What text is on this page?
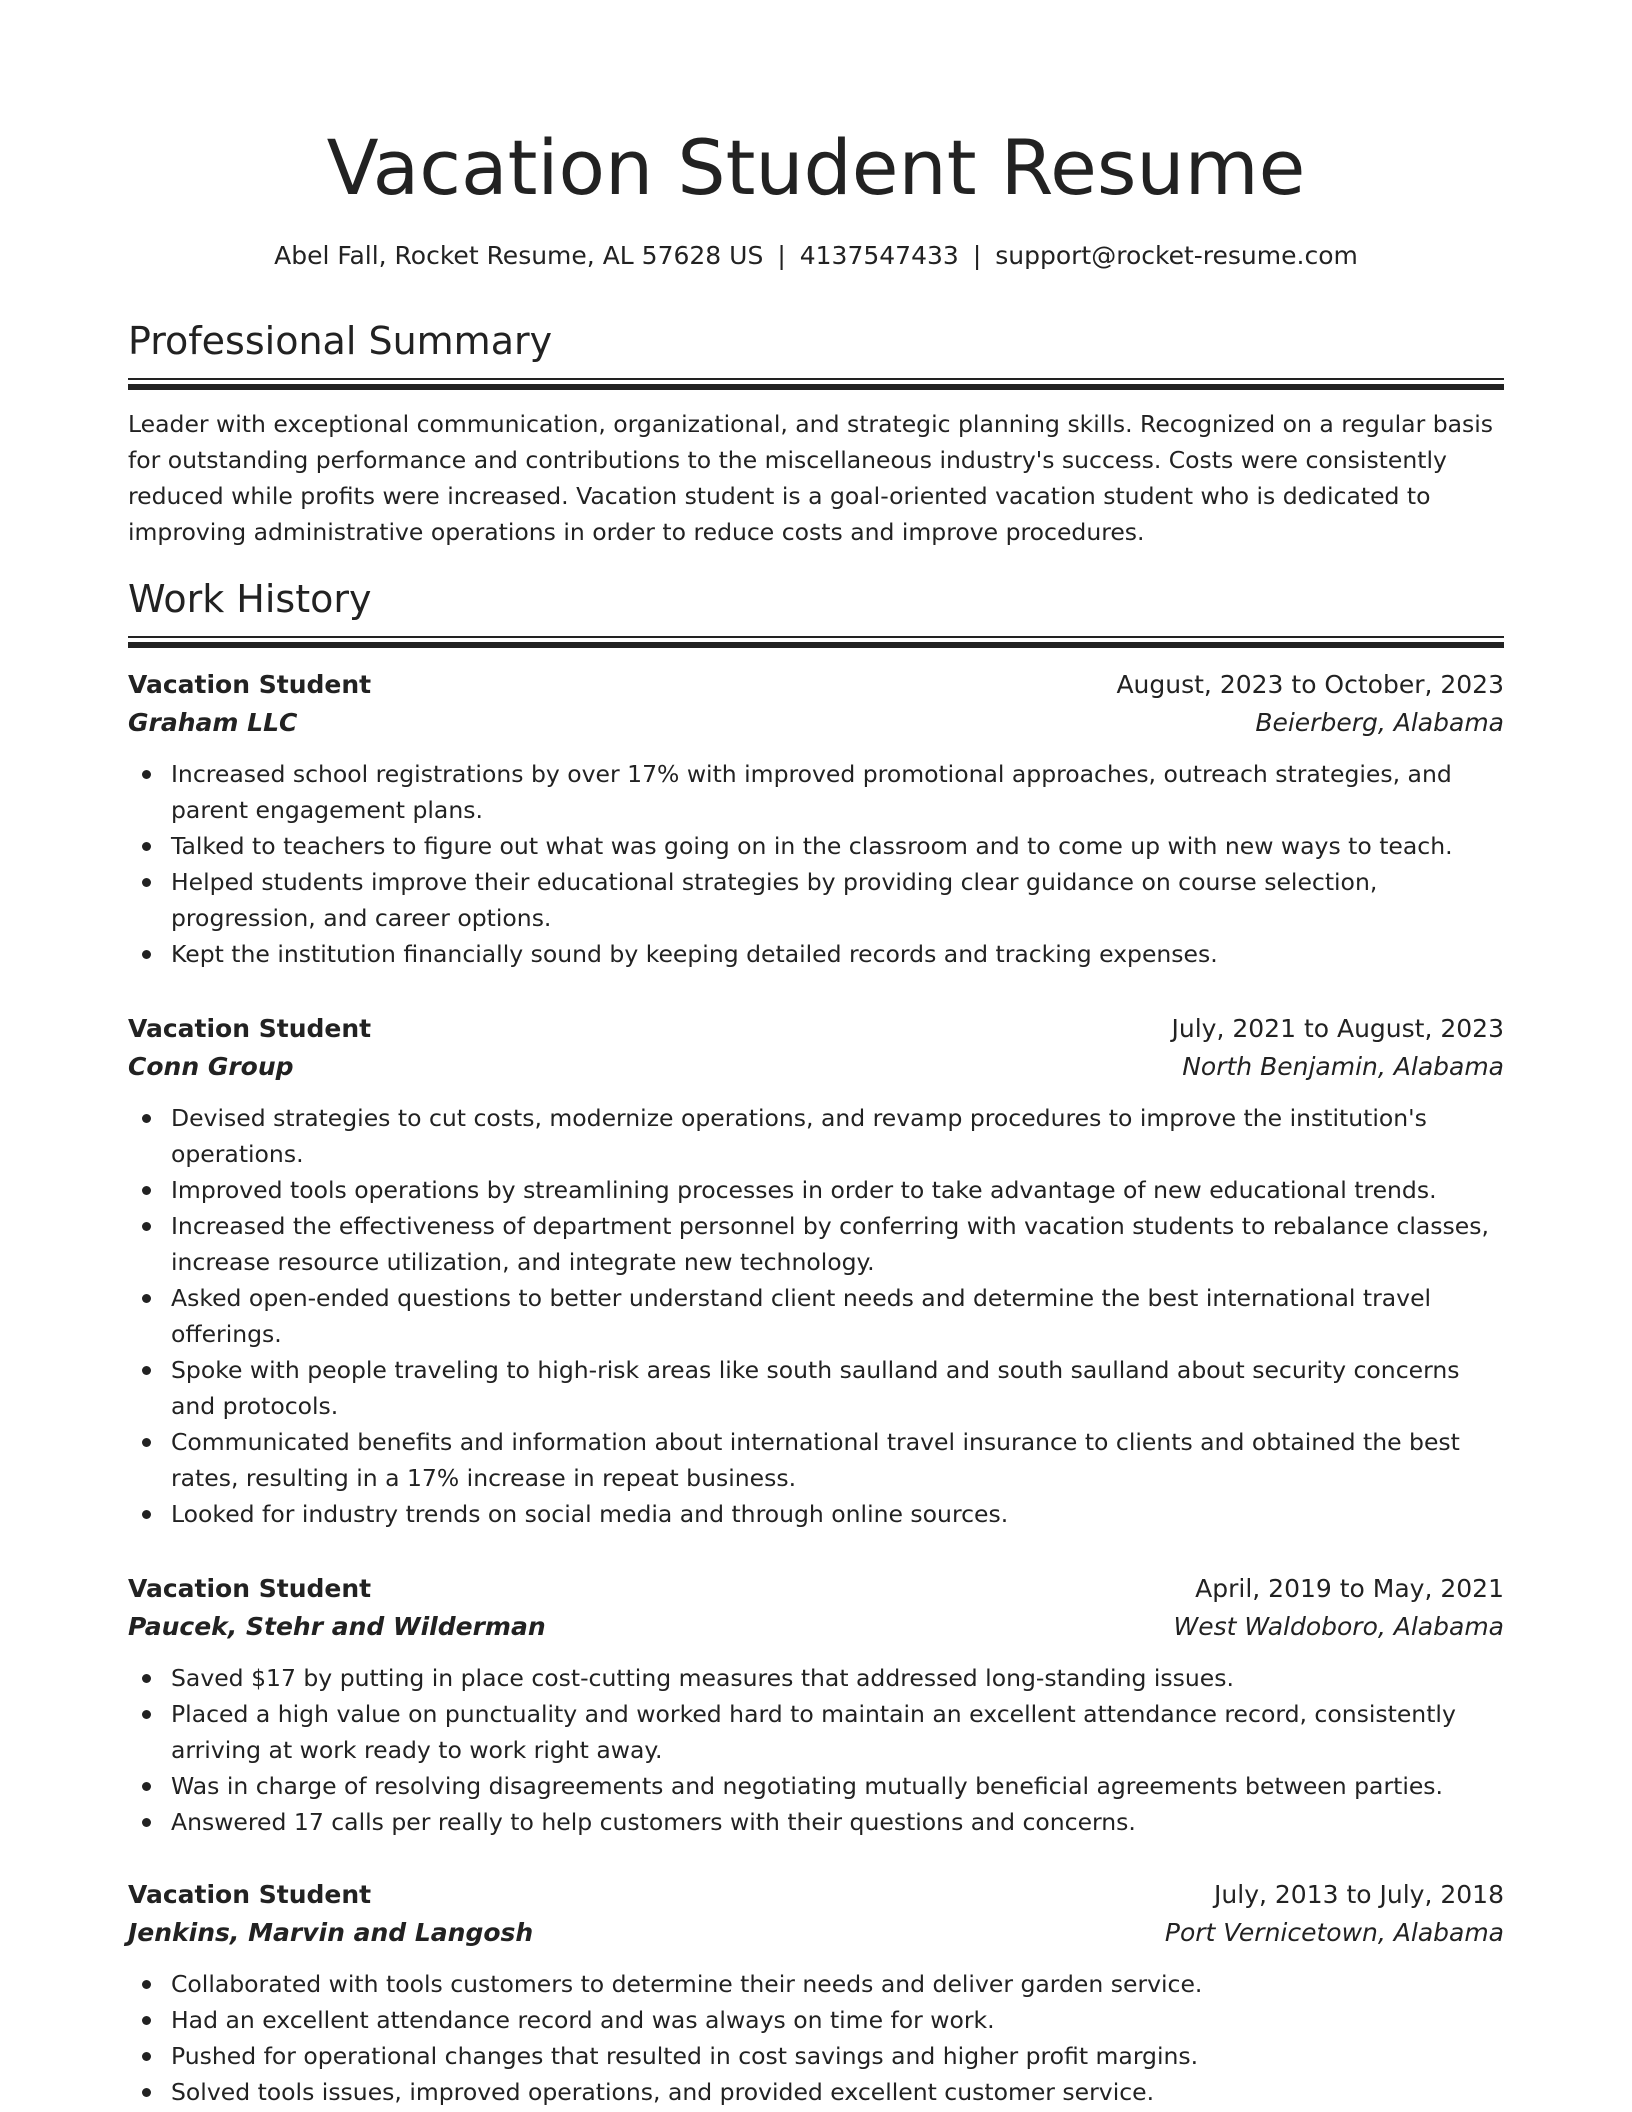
Vacation Student Resume
Abel Fall, Rocket Resume, AL 57628 US | 4137547433 | support@rocket-resume.com
Professional Summary

Leader with exceptional communication, organizational, and strategic planning skills. Recognized on a regular basis for outstanding performance and contributions to the miscellaneous industry's success. Costs were consistently reduced while profits were increased. Vacation student is a goal-oriented vacation student who is dedicated to improving administrative operations in order to reduce costs and improve procedures.

Work History
Vacation Student	August, 2023 to October, 2023
Graham LLC	Beierberg, Alabama
Increased school registrations by over 17% with improved promotional approaches, outreach strategies, and parent engagement plans.
Talked to teachers to figure out what was going on in the classroom and to come up with new ways to teach.
Helped students improve their educational strategies by providing clear guidance on course selection, progression, and career options.
Kept the institution financially sound by keeping detailed records and tracking expenses.
Vacation Student	July, 2021 to August, 2023
Conn Group	North Benjamin, Alabama
Devised strategies to cut costs, modernize operations, and revamp procedures to improve the institution's operations.
Improved tools operations by streamlining processes in order to take advantage of new educational trends.
Increased the effectiveness of department personnel by conferring with vacation students to rebalance classes, increase resource utilization, and integrate new technology.
Asked open-ended questions to better understand client needs and determine the best international travel offerings.
Spoke with people traveling to high-risk areas like south saulland and south saulland about security concerns and protocols.
Communicated benefits and information about international travel insurance to clients and obtained the best rates, resulting in a 17% increase in repeat business.
Looked for industry trends on social media and through online sources.
Vacation Student	April, 2019 to May, 2021
Paucek, Stehr and Wilderman	West Waldoboro, Alabama
Saved $17 by putting in place cost-cutting measures that addressed long-standing issues.
Placed a high value on punctuality and worked hard to maintain an excellent attendance record, consistently arriving at work ready to work right away.
Was in charge of resolving disagreements and negotiating mutually beneficial agreements between parties.
Answered 17 calls per really to help customers with their questions and concerns.
Vacation Student	July, 2013 to July, 2018
Jenkins, Marvin and Langosh	Port Vernicetown, Alabama
Collaborated with tools customers to determine their needs and deliver garden service.
Had an excellent attendance record and was always on time for work.
Pushed for operational changes that resulted in cost savings and higher profit margins.
Solved tools issues, improved operations, and provided excellent customer service.
